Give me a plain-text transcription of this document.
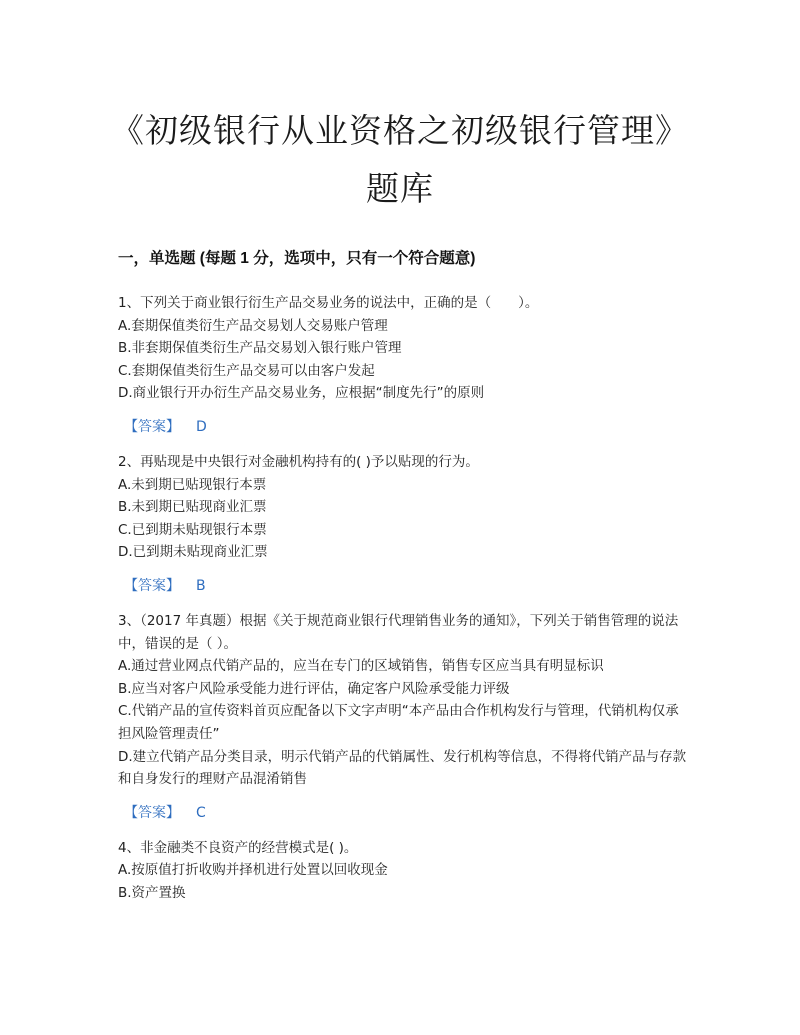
《初级银行从业资格之初级银行管理》题库
一，单选题 (每题 1 分，选项中，只有一个符合题意)

1、下列关于商业银行衍生产品交易业务的说法中，正确的是（　　）。

A.套期保值类衍生产品交易划人交易账户管理

B.非套期保值类衍生产品交易划入银行账户管理

C.套期保值类衍生产品交易可以由客户发起

D.商业银行开办衍生产品交易业务，应根据“制度先行”的原则

【答案】 D

2、再贴现是中央银行对金融机构持有的( )予以贴现的行为。

A.未到期已贴现银行本票

B.未到期已贴现商业汇票

C.已到期未贴现银行本票

D.已到期未贴现商业汇票

【答案】 B

3、（2017 年真题）根据《关于规范商业银行代理销售业务的通知》，下列关于销售管理的说法中，错误的是（ ）。

A.通过营业网点代销产品的，应当在专门的区域销售，销售专区应当具有明显标识

B.应当对客户风险承受能力进行评估，确定客户风险承受能力评级

C.代销产品的宣传资料首页应配备以下文字声明“本产品由合作机构发行与管理，代销机构仅承担风险管理责任”

D.建立代销产品分类目录，明示代销产品的代销属性、发行机构等信息，不得将代销产品与存款和自身发行的理财产品混淆销售

【答案】 C

4、非金融类不良资产的经营模式是( )。

A.按原值打折收购并择机进行处置以回收现金

B.资产置换
